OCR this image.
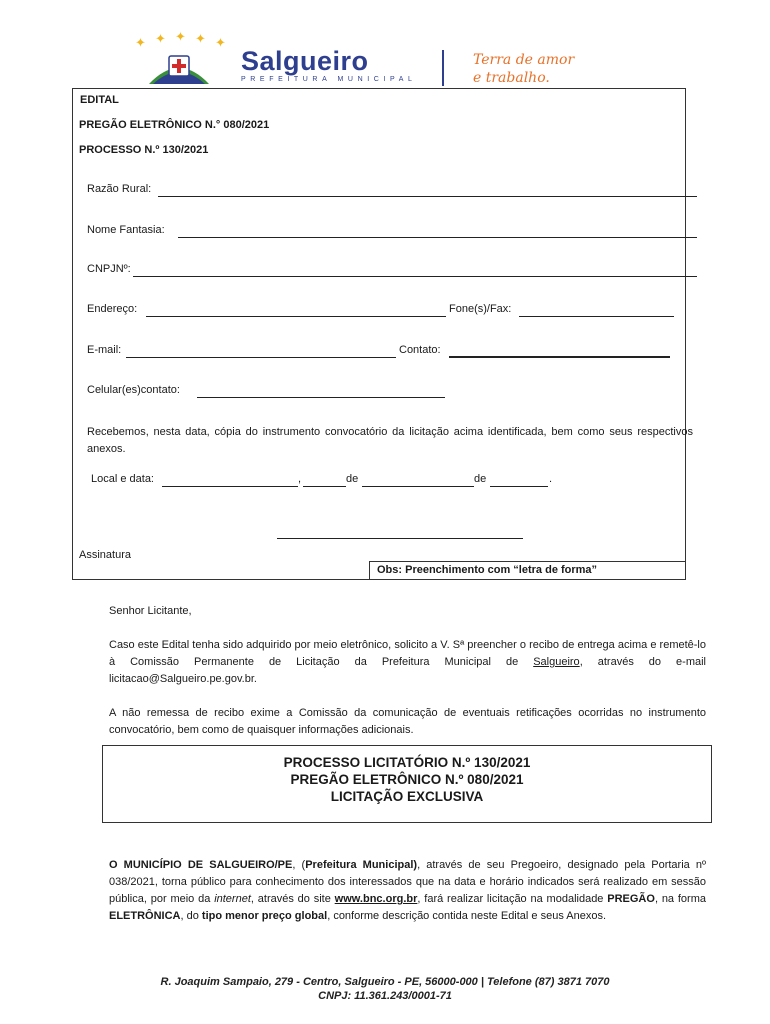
✦ ✦ ✦ ✦ ✦
Salgueiro
PREFEITURA MUNICIPAL
Terra de amor
e trabalho.
EDITAL
PREGÃO ELETRÔNICO N.° 080/2021
PROCESSO N.º 130/2021
Razão Rural:
Nome Fantasia:
CNPJNº:
Endereço:	Fone(s)/Fax:
E-mail:	Contato:
Celular(es)contato:
Recebemos, nesta data, cópia do instrumento convocatório da licitação acima identificada, bem como seus respectivos anexos.
Local e data:	,	de	de	.
Assinatura
Obs: Preenchimento com “letra de forma”
Senhor Licitante,
Caso este Edital tenha sido adquirido por meio eletrônico, solicito a V. Sª preencher o recibo de entrega acima e remetê-lo à Comissão Permanente de Licitação da Prefeitura Municipal de Salgueiro, através do e-mail licitacao@Salgueiro.pe.gov.br.
A não remessa de recibo exime a Comissão da comunicação de eventuais retificações ocorridas no instrumento convocatório, bem como de quaisquer informações adicionais.
PROCESSO LICITATÓRIO N.º 130/2021
PREGÃO ELETRÔNICO N.º 080/2021
LICITAÇÃO EXCLUSIVA
O MUNICÍPIO DE SALGUEIRO/PE, (Prefeitura Municipal), através de seu Pregoeiro, designado pela Portaria nº 038/2021, torna público para conhecimento dos interessados que na data e horário indicados será realizado em sessão pública, por meio da internet, através do site www.bnc.org.br, fará realizar licitação na modalidade PREGÃO, na forma ELETRÔNICA, do tipo menor preço global, conforme descrição contida neste Edital e seus Anexos.
R. Joaquim Sampaio, 279 - Centro, Salgueiro - PE, 56000-000 | Telefone (87) 3871 7070
CNPJ: 11.361.243/0001-71
